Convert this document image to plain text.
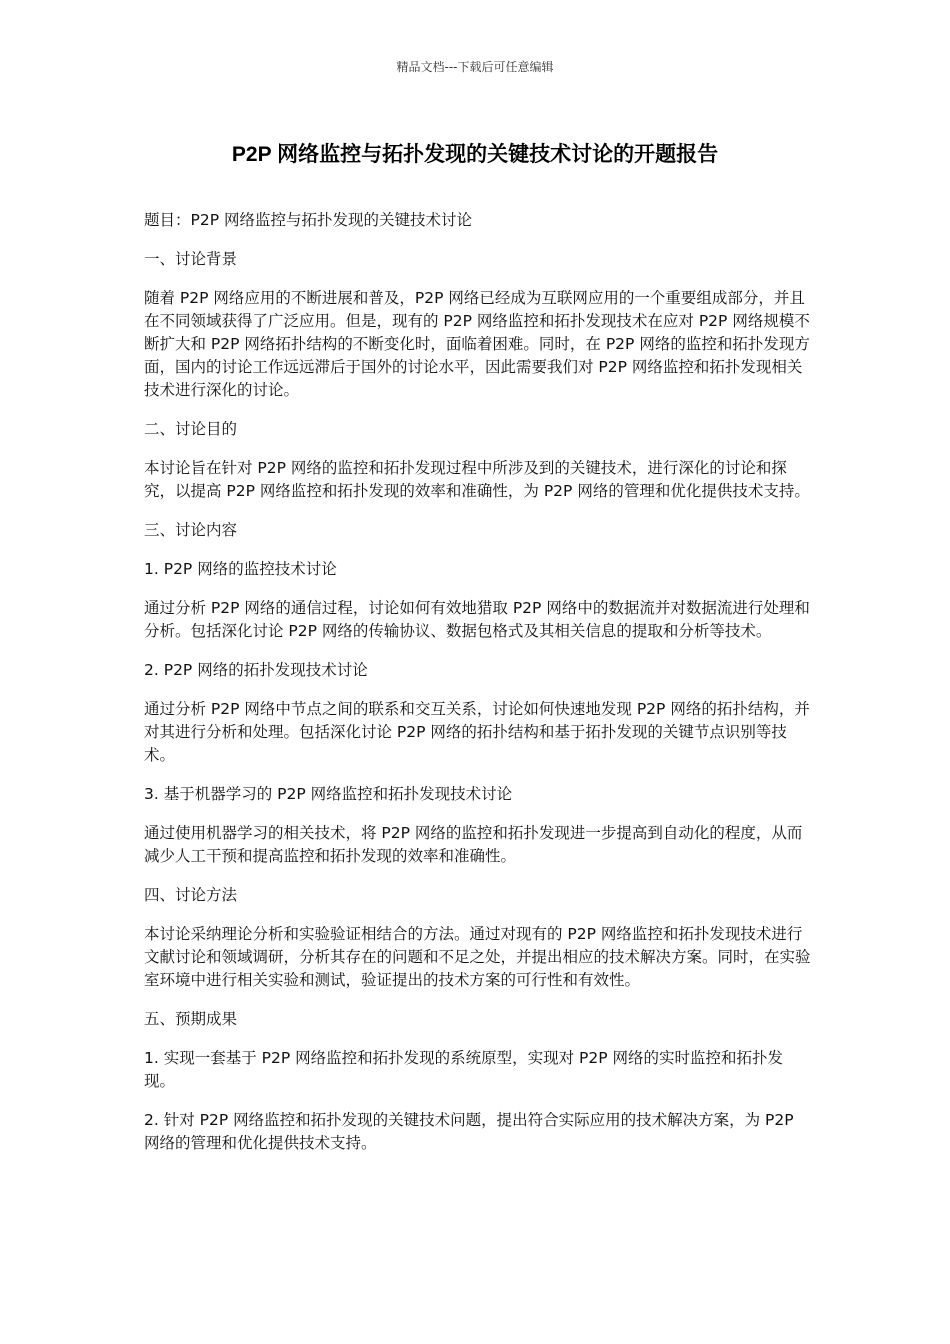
精品文档---下载后可任意编辑
P2P 网络监控与拓扑发现的关键技术讨论的开题报告

题目：P2P 网络监控与拓扑发现的关键技术讨论

一、讨论背景

随着 P2P 网络应用的不断进展和普及，P2P 网络已经成为互联网应用的一个重要组成部分，并且在不同领域获得了广泛应用。但是，现有的 P2P 网络监控和拓扑发现技术在应对 P2P 网络规模不断扩大和 P2P 网络拓扑结构的不断变化时，面临着困难。同时，在 P2P 网络的监控和拓扑发现方面，国内的讨论工作远远滞后于国外的讨论水平，因此需要我们对 P2P 网络监控和拓扑发现相关技术进行深化的讨论。

二、讨论目的

本讨论旨在针对 P2P 网络的监控和拓扑发现过程中所涉及到的关键技术，进行深化的讨论和探究，以提高 P2P 网络监控和拓扑发现的效率和准确性，为 P2P 网络的管理和优化提供技术支持。

三、讨论内容

1. P2P 网络的监控技术讨论

通过分析 P2P 网络的通信过程，讨论如何有效地猎取 P2P 网络中的数据流并对数据流进行处理和分析。包括深化讨论 P2P 网络的传输协议、数据包格式及其相关信息的提取和分析等技术。

2. P2P 网络的拓扑发现技术讨论

通过分析 P2P 网络中节点之间的联系和交互关系，讨论如何快速地发现 P2P 网络的拓扑结构，并对其进行分析和处理。包括深化讨论 P2P 网络的拓扑结构和基于拓扑发现的关键节点识别等技术。

3. 基于机器学习的 P2P 网络监控和拓扑发现技术讨论

通过使用机器学习的相关技术，将 P2P 网络的监控和拓扑发现进一步提高到自动化的程度，从而减少人工干预和提高监控和拓扑发现的效率和准确性。

四、讨论方法

本讨论采纳理论分析和实验验证相结合的方法。通过对现有的 P2P 网络监控和拓扑发现技术进行文献讨论和领域调研，分析其存在的问题和不足之处，并提出相应的技术解决方案。同时，在实验室环境中进行相关实验和测试，验证提出的技术方案的可行性和有效性。

五、预期成果

1. 实现一套基于 P2P 网络监控和拓扑发现的系统原型，实现对 P2P 网络的实时监控和拓扑发现。

2. 针对 P2P 网络监控和拓扑发现的关键技术问题，提出符合实际应用的技术解决方案，为 P2P 网络的管理和优化提供技术支持。
